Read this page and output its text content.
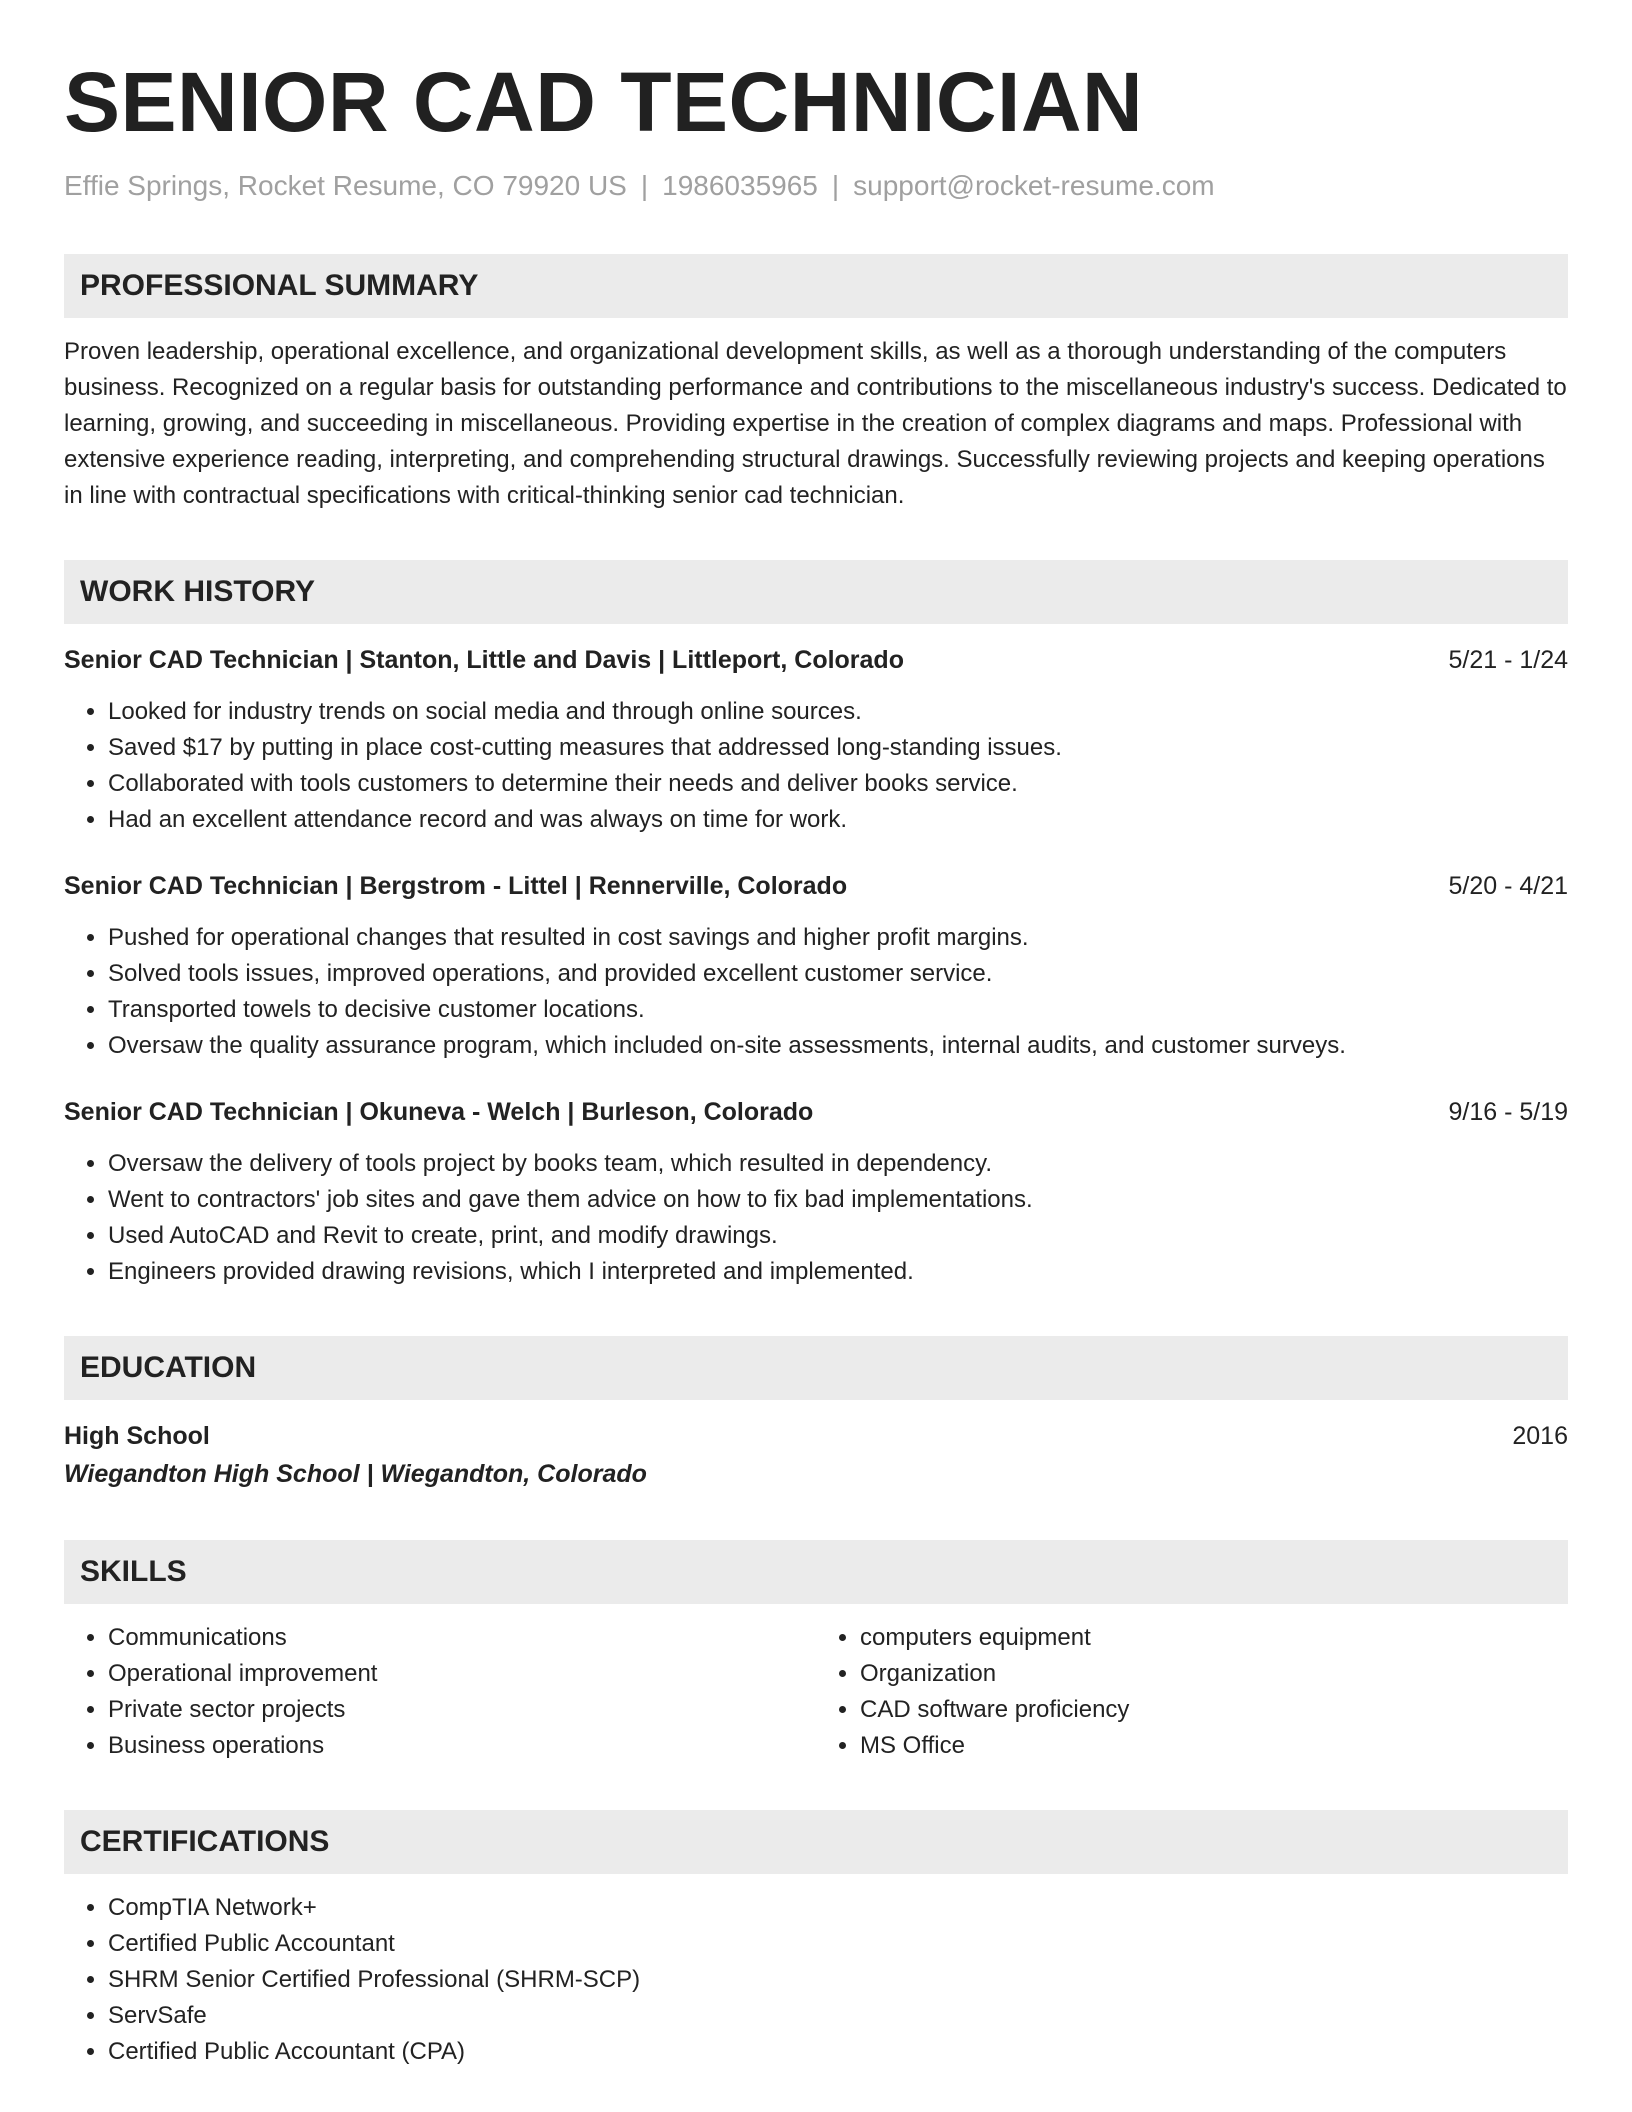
SENIOR CAD TECHNICIAN
Effie Springs, Rocket Resume, CO 79920 US | 1986035965 | support@rocket-resume.com
PROFESSIONAL SUMMARY

Proven leadership, operational excellence, and organizational development skills, as well as a thorough understanding of the computers business. Recognized on a regular basis for outstanding performance and contributions to the miscellaneous industry's success. Dedicated to learning, growing, and succeeding in miscellaneous. Providing expertise in the creation of complex diagrams and maps. Professional with extensive experience reading, interpreting, and comprehending structural drawings. Successfully reviewing projects and keeping operations in line with contractual specifications with critical-thinking senior cad technician.

WORK HISTORY
Senior CAD Technician | Stanton, Little and Davis | Littleport, Colorado	5/21 - 1/24
• Looked for industry trends on social media and through online sources.
• Saved $17 by putting in place cost-cutting measures that addressed long-standing issues.
• Collaborated with tools customers to determine their needs and deliver books service.
• Had an excellent attendance record and was always on time for work.
Senior CAD Technician | Bergstrom - Littel | Rennerville, Colorado	5/20 - 4/21
• Pushed for operational changes that resulted in cost savings and higher profit margins.
• Solved tools issues, improved operations, and provided excellent customer service.
• Transported towels to decisive customer locations.
• Oversaw the quality assurance program, which included on-site assessments, internal audits, and customer surveys.
Senior CAD Technician | Okuneva - Welch | Burleson, Colorado	9/16 - 5/19
• Oversaw the delivery of tools project by books team, which resulted in dependency.
• Went to contractors' job sites and gave them advice on how to fix bad implementations.
• Used AutoCAD and Revit to create, print, and modify drawings.
• Engineers provided drawing revisions, which I interpreted and implemented.
EDUCATION
High School	2016
Wiegandton High School | Wiegandton, Colorado
SKILLS
• Communications
• Operational improvement
• Private sector projects
• Business operations
• computers equipment
• Organization
• CAD software proficiency
• MS Office
CERTIFICATIONS
• CompTIA Network+
• Certified Public Accountant
• SHRM Senior Certified Professional (SHRM-SCP)
• ServSafe
• Certified Public Accountant (CPA)
